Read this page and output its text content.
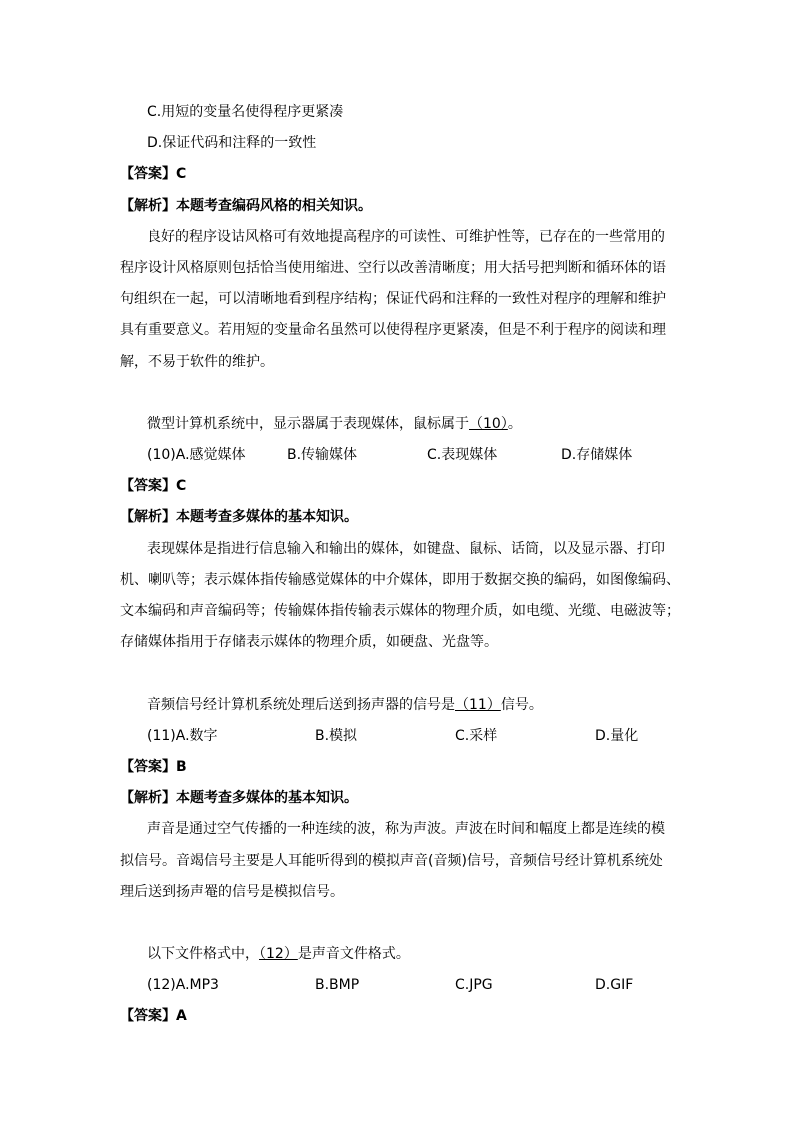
C.用短的变量名使得程序更紧凑
D.保证代码和注释的一致性
【答案】C
【解析】本题考查编码风格的相关知识。
良好的程序设诂风格可有效地提高程序的可读性、可维护性等，已存在的一些常用的
程序设计风格原则包括恰当使用缩进、空行以改善清晰度；用大括号把判断和循环体的语
句组织在一起，可以清晰地看到程序结构；保证代码和注释的一致性对程序的理解和维护
具有重要意义。若用短的变量命名虽然可以使得程序更紧凑，但是不利于程序的阅读和理
解，不易于软件的维护。
微型计算机系统中，显示器属于表现媒体，鼠标属于（10）。
(10)A.感觉媒体	B.传输媒体	C.表现媒体	D.存储媒体
【答案】C
【解析】本题考查多媒体的基本知识。
表现媒体是指进行信息输入和输出的媒体，如键盘、鼠标、话筒，以及显示器、打印
机、喇叭等；表示媒体指传输感觉媒体的中介媒体，即用于数据交换的编码，如图像编码、
文本编码和声音编码等；传输媒体指传输表示媒体的物理介质，如电缆、光缆、电磁波等；
存储媒体指用于存储表示媒体的物理介质，如硬盘、光盘等。
音频信号经计算机系统处理后送到扬声器的信号是（11）信号。
(11)A.数字	B.模拟	C.采样	D.量化
【答案】B
【解析】本题考查多媒体的基本知识。
声音是通过空气传播的一种连续的波，称为声波。声波在时间和幅度上都是连续的模
拟信号。音竭信号主要是人耳能听得到的模拟声音(音频)信号，音频信号经计算机系统处
理后送到扬声罨的信号是模拟信号。
以下文件格式中，（12）是声音文件格式。
(12)A.MP3	B.BMP	C.JPG	D.GIF
【答案】A
